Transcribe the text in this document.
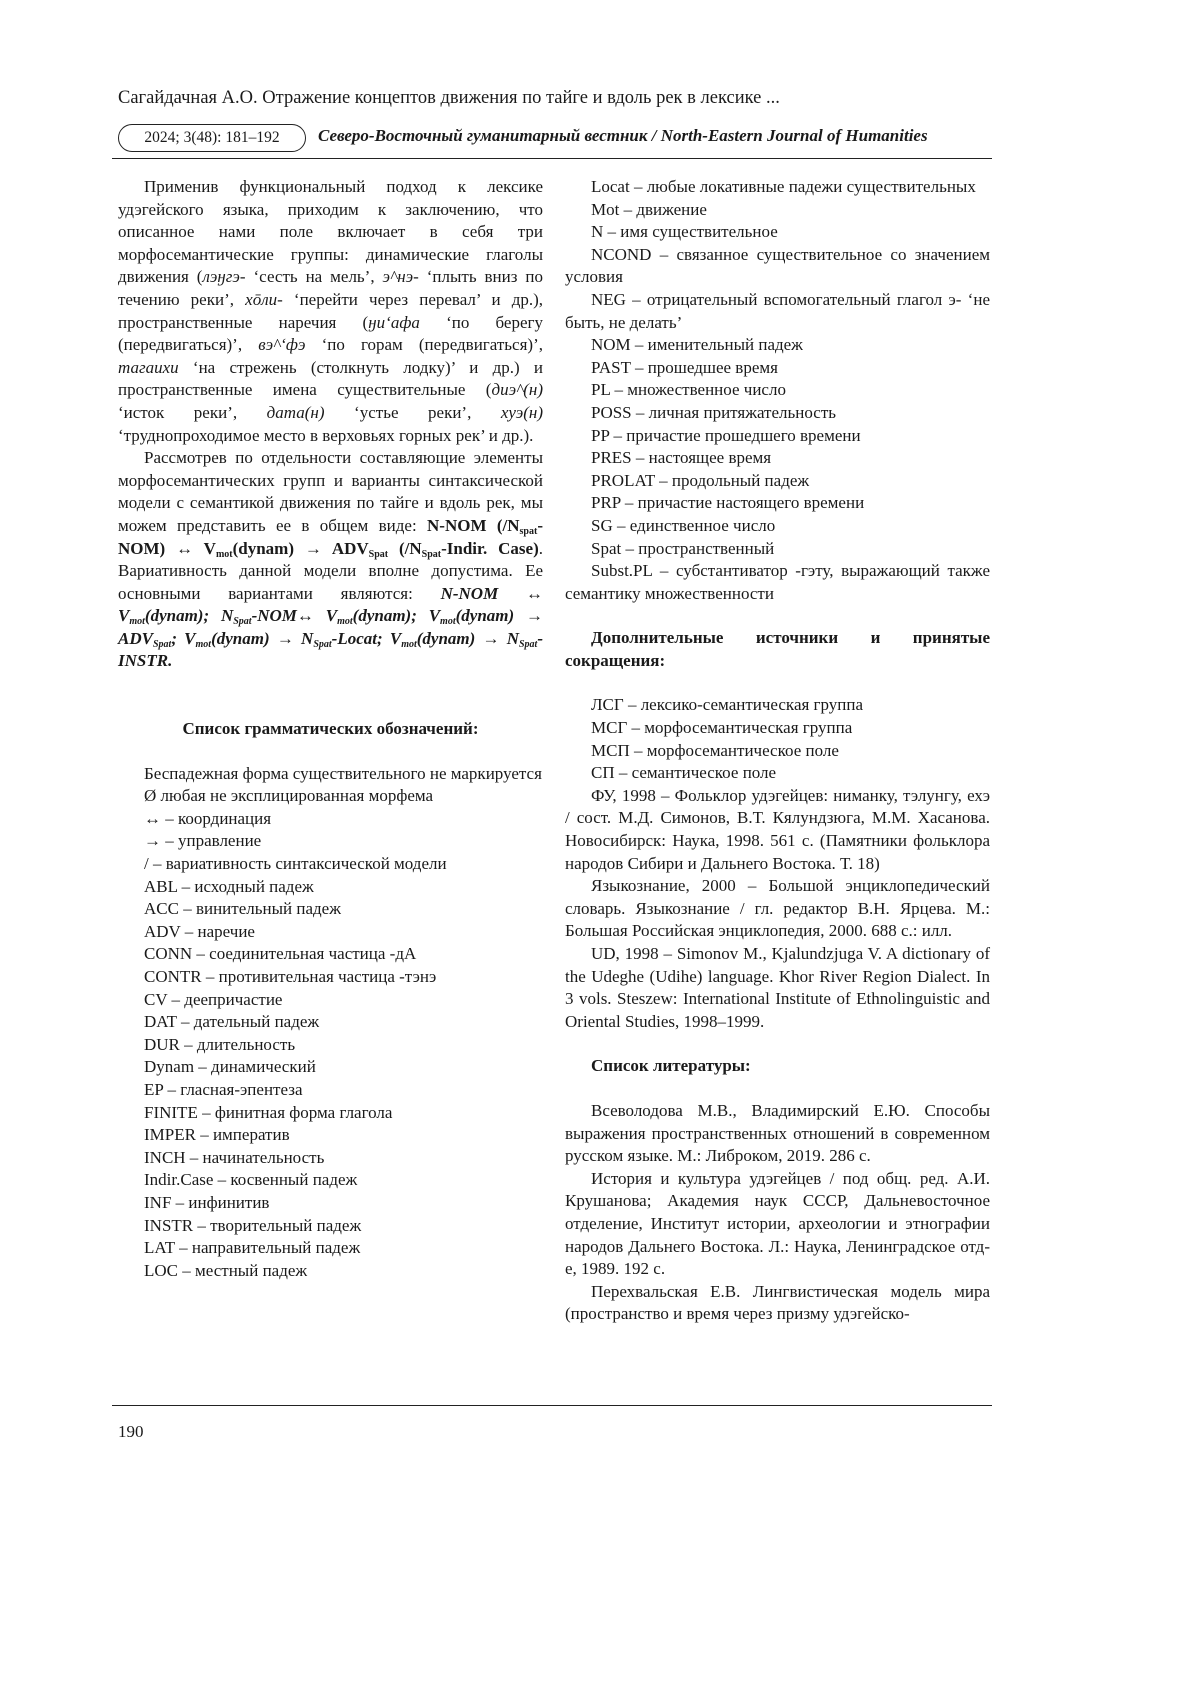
Сагайдачная А.О. Отражение концептов движения по тайге и вдоль рек в лексике ...
2024; 3(48): 181–192	Северо-Восточный гуманитарный вестник / North-Eastern Journal of Humanities

Применив функциональный подход к лексике удэгейского языка, приходим к заключению, что описанное нами поле включает в себя три морфосемантические группы: динамические глаголы движения (лэӈгэ- ‘сесть на мель’, э^нэ- ‘плыть вниз по течению реки’, хōли- ‘перейти через перевал’ и др.), пространственные наречия (ӈи‘афа ‘по берегу (передвигаться)’, вэ^‘фэ ‘по горам (передвигаться)’, тагаихи ‘на стрежень (столкнуть лодку)’ и др.) и пространственные имена существительные (диэ^(н) ‘исток реки’, дата(н) ‘устье реки’, хуэ(н) ‘труднопроходимое место в верховьях горных рек’ и др.).

Рассмотрев по отдельности составляющие элементы морфосемантических групп и варианты синтаксической модели с семантикой движения по тайге и вдоль рек, мы можем представить ее в общем виде: N-NOM $(/N_{spat}-NOM)$ ↔ $V_{mot}(dynam) \to ADV_{Spat}$ ($/N_{Spat}$-Indir. Case). Вариативность данной модели вполне допустима. Ее основными вариантами являются: N-NOM ↔ $V_{mot}(dynam)$; $N_{Spat}-NOM\leftrightarrow$ $V_{mot}(dynam)$; $V_{mot}(dynam) \to ADV_{Spat}$; $V_{mot}(dynam)$ → $N_{Spat}$-Locat; $V_{mot}(dynam)$ → $N_{Spat}$-INSTR.

Список грамматических обозначений:

Беспадежная форма существительного не маркируется

Ø любая не эксплицированная морфема

↔ – координация

→ – управление

/ – вариативность синтаксической модели

ABL – исходный падеж

ACC – винительный падеж

ADV – наречие

CONN – соединительная частица -дА

CONTR – противительная частица -тэнэ

CV – деепричастие

DAT – дательный падеж

DUR – длительность

Dynam – динамический

EP – гласная-эпентеза

FINITE – финитная форма глагола

IMPER – императив

INCH – начинательность

Indir.Case – косвенный падеж

INF – инфинитив

INSTR – творительный падеж

LAT – направительный падеж

LOC – местный падеж

Locat – любые локативные падежи существительных

Mot – движение

N – имя существительное

NCOND – связанное существительное со значением условия

NEG – отрицательный вспомогательный глагол э- ‘не быть, не делать’

NOM – именительный падеж

PAST – прошедшее время

PL – множественное число

POSS – личная притяжательность

PP – причастие прошедшего времени

PRES – настоящее время

PROLAT – продольный падеж

PRP – причастие настоящего времени

SG – единственное число

Spat – пространственный

Subst.PL – субстантиватор -гэту, выражающий также семантику множественности

Дополнительные источники и принятые сокращения:

ЛСГ – лексико-семантическая группа

МСГ – морфосемантическая группа

МСП – морфосемантическое поле

СП – семантическое поле

ФУ, 1998 – Фольклор удэгейцев: ниманку, тэлунгу, ехэ / сост. М.Д. Симонов, В.Т. Кялундзюга, М.М. Хасанова. Новосибирск: Наука, 1998. 561 с. (Памятники фольклора народов Сибири и Дальнего Востока. Т. 18)

Языкознание, 2000 – Большой энциклопедический словарь. Языкознание / гл. редактор В.Н. Ярцева. М.: Большая Российская энциклопедия, 2000. 688 с.: илл.

UD, 1998 – Simonov M., Kjalundzjuga V. A dictionary of the Udeghe (Udihe) language. Khor River Region Dialect. In 3 vols. Steszew: International Institute of Ethnolinguistic and Oriental Studies, 1998–1999.

Список литературы:

Всеволодова М.В., Владимирский Е.Ю. Способы выражения пространственных отношений в современном русском языке. М.: Либроком, 2019. 286 с.

История и культура удэгейцев / под общ. ред. А.И. Крушанова; Академия наук СССР, Дальневосточное отделение, Институт истории, археологии и этнографии народов Дальнего Востока. Л.: Наука, Ленинградское отд-е, 1989. 192 с.

Перехвальская Е.В. Лингвистическая модель мира (пространство и время через призму удэгейско-

190
